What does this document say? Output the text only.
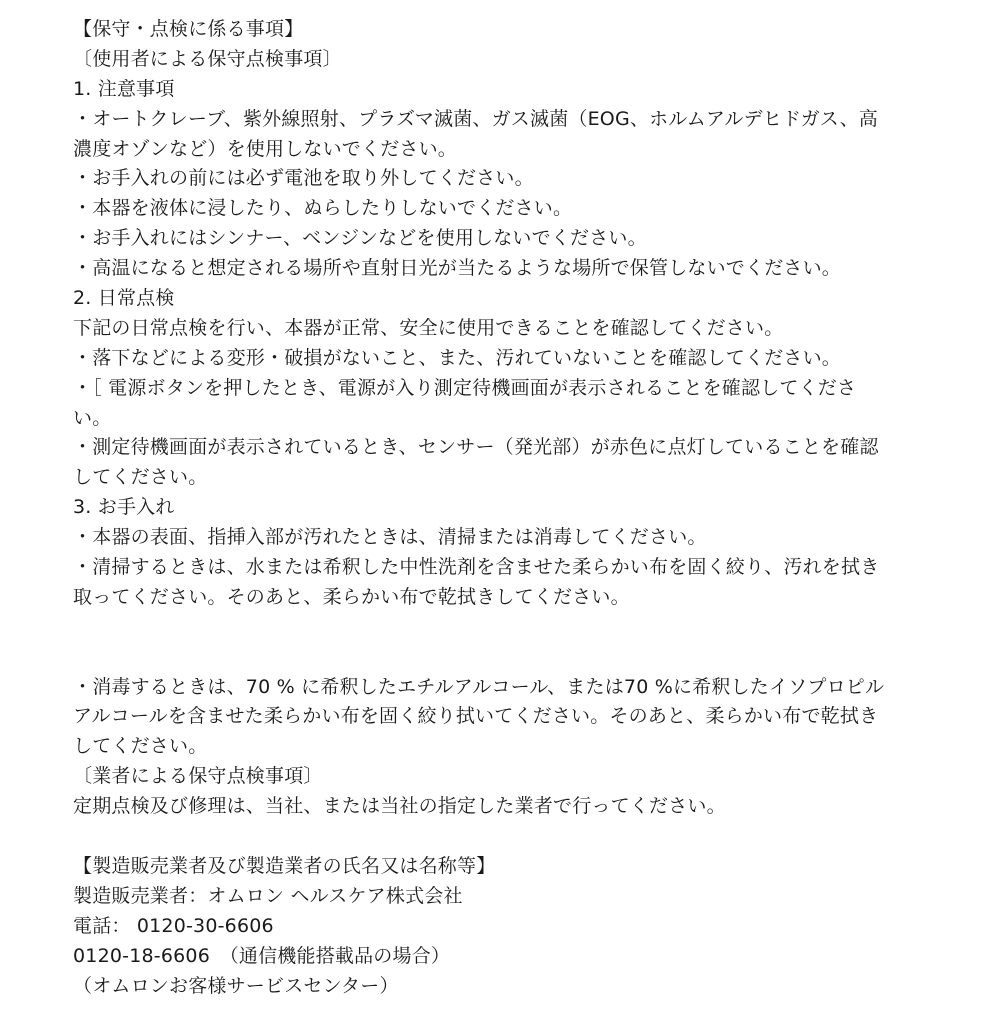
【保守・点検に係る事項】
〔使用者による保守点検事項〕
1. 注意事項
・オートクレーブ、紫外線照射、プラズマ滅菌、ガス滅菌（EOG、ホルムアルデヒドガス、高
濃度オゾンなど）を使用しないでください。
・お手入れの前には必ず電池を取り外してください。
・本器を液体に浸したり、ぬらしたりしないでください。
・お手入れにはシンナー、ベンジンなどを使用しないでください。
・高温になると想定される場所や直射日光が当たるような場所で保管しないでください。
2. 日常点検
下記の日常点検を行い、本器が正常、安全に使用できることを確認してください。
・落下などによる変形・破損がないこと、また、汚れていないことを確認してください。
・［ 電源ボタンを押したとき、電源が入り測定待機画面が表示されることを確認してくださ
い。
・測定待機画面が表示されているとき、センサー（発光部）が赤色に点灯していることを確認
してください。
3. お手入れ
・本器の表面、指挿入部が汚れたときは、清掃または消毒してください。
・清掃するときは、水または希釈した中性洗剤を含ませた柔らかい布を固く絞り、汚れを拭き
取ってください。そのあと、柔らかい布で乾拭きしてください。
・消毒するときは、70 % に希釈したエチルアルコール、または70 %に希釈したイソプロピル
アルコールを含ませた柔らかい布を固く絞り拭いてください。そのあと、柔らかい布で乾拭き
してください。
〔業者による保守点検事項〕
定期点検及び修理は、当社、または当社の指定した業者で行ってください。
【製造販売業者及び製造業者の氏名又は名称等】
製造販売業者：オムロン ヘルスケア株式会社
電話： 0120-30-6606
0120-18-6606　（通信機能搭載品の場合）
（オムロンお客様サービスセンター）
